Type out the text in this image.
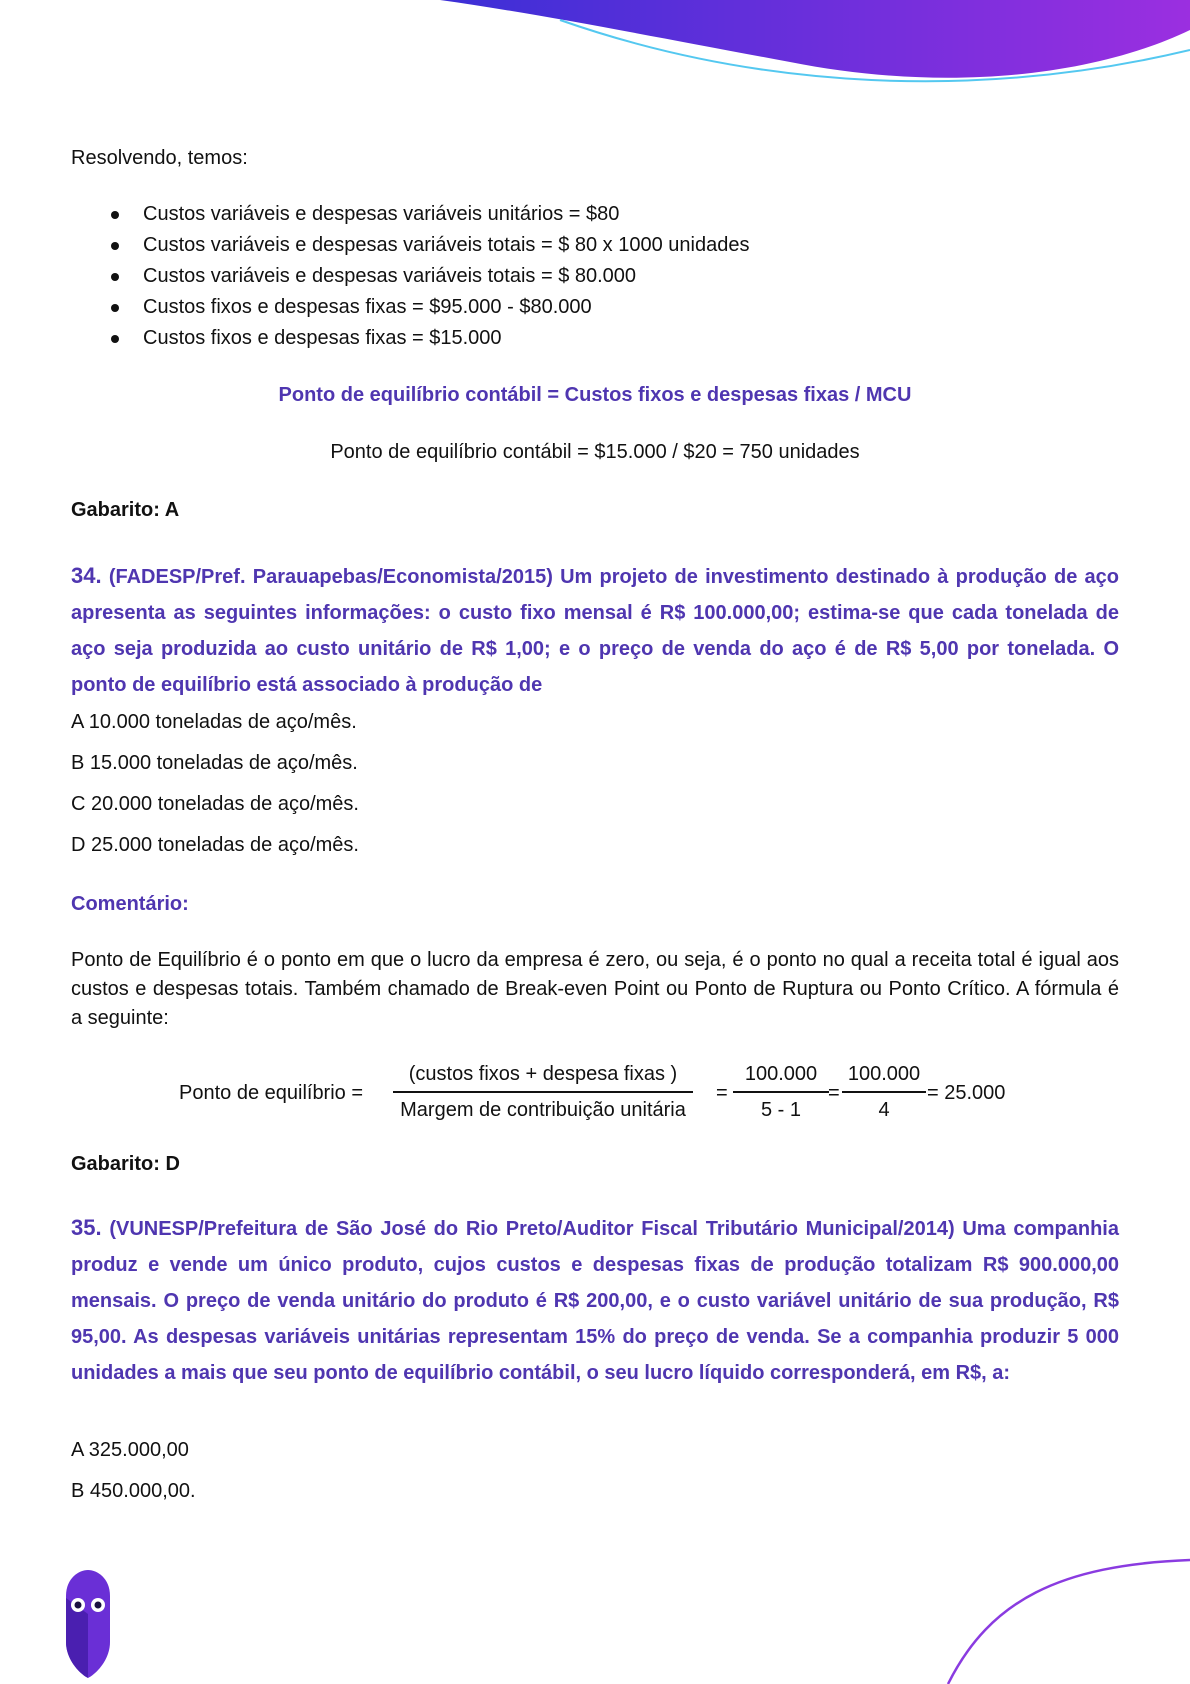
Resolvendo, temos:

Custos variáveis e despesas variáveis unitários = $80
Custos variáveis e despesas variáveis totais = $ 80 x 1000 unidades
Custos variáveis e despesas variáveis totais = $ 80.000
Custos fixos e despesas fixas = $95.000 - $80.000
Custos fixos e despesas fixas = $15.000
Ponto de equilíbrio contábil = Custos fixos e despesas fixas / MCU
Ponto de equilíbrio contábil = $15.000 / $20 = 750 unidades
Gabarito: A

34. (FADESP/Pref. Parauapebas/Economista/2015) Um projeto de investimento destinado à produção de aço apresenta as seguintes informações: o custo fixo mensal é R$ 100.000,00; estima-se que cada tonelada de aço seja produzida ao custo unitário de R$ 1,00; e o preço de venda do aço é de R$ 5,00 por tonelada. O ponto de equilíbrio está associado à produção de

A 10.000 toneladas de aço/mês.
B 15.000 toneladas de aço/mês.
C 20.000 toneladas de aço/mês.
D 25.000 toneladas de aço/mês.
Comentário:
Ponto de Equilíbrio é o ponto em que o lucro da empresa é zero, ou seja, é o ponto no qual a receita total é igual aos custos e despesas totais. Também chamado de Break-even Point ou Ponto de Ruptura ou Ponto Crítico. A fórmula é a seguinte:
Ponto de equilíbrio =
(custos fixos + despesa fixas )
Margem de contribuição unitária
=
100.000
5 - 1
=
100.000
4
= 25.000
Gabarito: D

35. (VUNESP/Prefeitura de São José do Rio Preto/Auditor Fiscal Tributário Municipal/2014) Uma companhia produz e vende um único produto, cujos custos e despesas fixas de produção totalizam R$ 900.000,00 mensais. O preço de venda unitário do produto é R$ 200,00, e o custo variável unitário de sua produção, R$ 95,00. As despesas variáveis unitárias representam 15% do preço de venda. Se a companhia produzir 5 000 unidades a mais que seu ponto de equilíbrio contábil, o seu lucro líquido corresponderá, em R$, a:

A 325.000,00
B 450.000,00.
